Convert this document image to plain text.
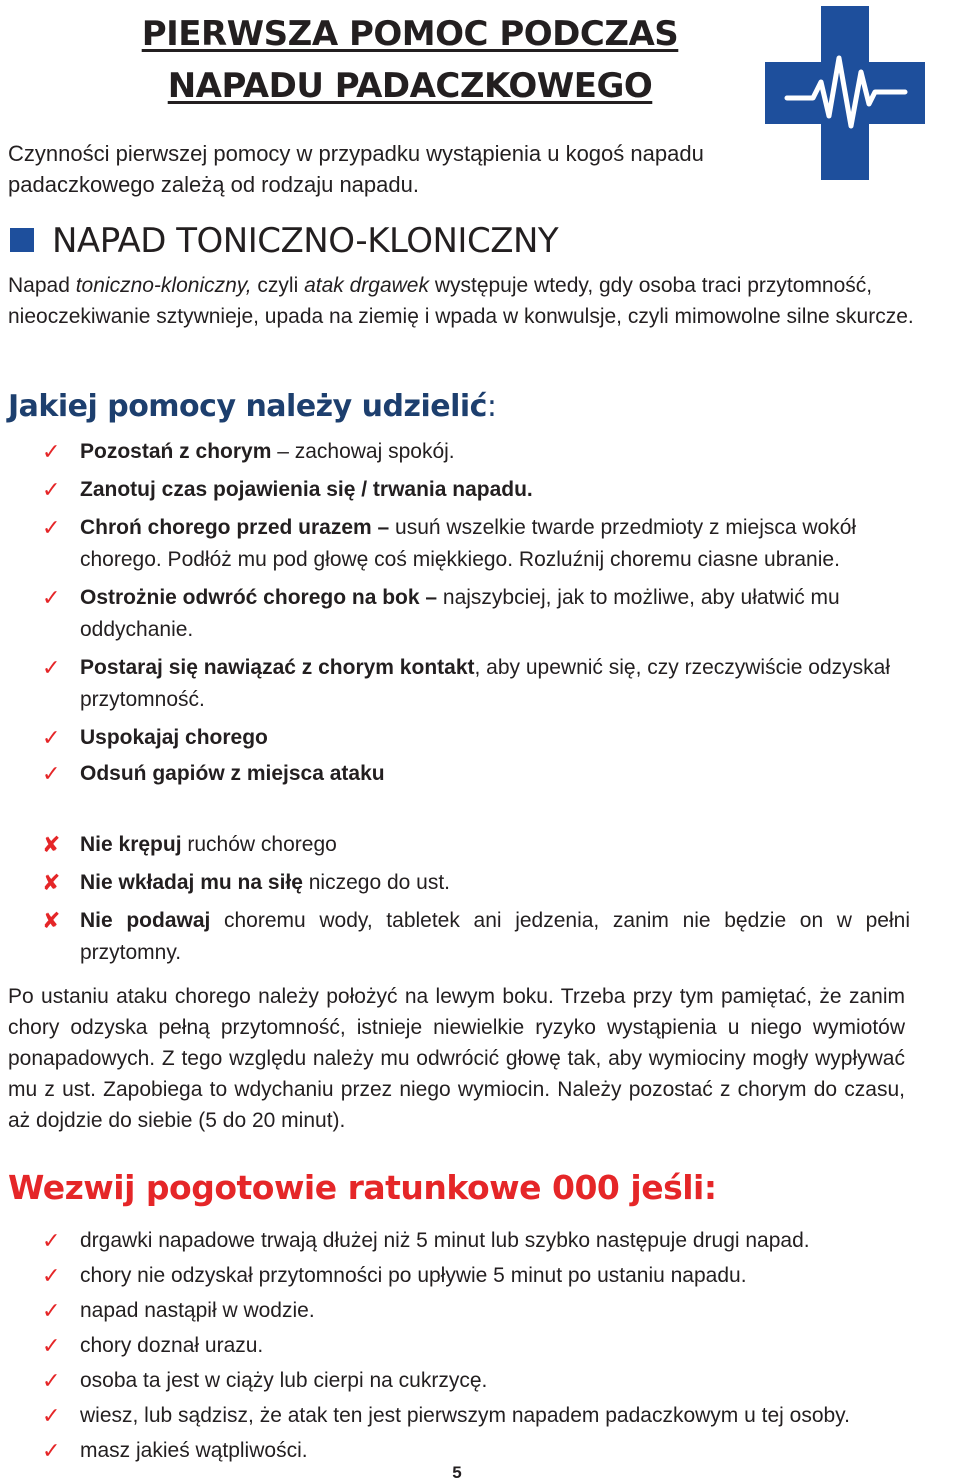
PIERWSZA POMOC PODCZAS
NAPADU PADACZKOWEGO
Czynności pierwszej pomocy w przypadku wystąpienia u kogoś napadu padaczkowego zależą od rodzaju napadu.
NAPAD TONICZNO-KLONICZNY
Napad toniczno-kloniczny, czyli atak drgawek występuje wtedy, gdy osoba traci przytomność, nieoczekiwanie sztywnieje, upada na ziemię i wpada w konwulsje, czyli mimowolne silne skurcze.
Jakiej pomocy należy udzielić:
✓ Pozostań z chorym – zachowaj spokój.
✓ Zanotuj czas pojawienia się / trwania napadu.
✓ Chroń chorego przed urazem – usuń wszelkie twarde przedmioty z miejsca wokół chorego. Podłóż mu pod głowę coś miękkiego. Rozluźnij choremu ciasne ubranie.
✓ Ostrożnie odwróć chorego na bok – najszybciej, jak to możliwe, aby ułatwić mu oddychanie.
✓ Postaraj się nawiązać z chorym kontakt, aby upewnić się, czy rzeczywiście odzyskał przytomność.
✓ Uspokajaj chorego
✓ Odsuń gapiów z miejsca ataku
✘ Nie krępuj ruchów chorego
✘ Nie wkładaj mu na siłę niczego do ust.
✘ Nie podawaj choremu wody, tabletek ani jedzenia, zanim nie będzie on w pełni przytomny.
Po ustaniu ataku chorego należy położyć na lewym boku. Trzeba przy tym pamiętać, że zanim chory odzyska pełną przytomność, istnieje niewielkie ryzyko wystąpienia u niego wymiotów ponapadowych. Z tego względu należy mu odwrócić głowę tak, aby wymiociny mogły wypływać mu z ust. Zapobiega to wdychaniu przez niego wymiocin. Należy pozostać z chorym do czasu, aż dojdzie do siebie (5 do 20 minut).
Wezwij pogotowie ratunkowe 000 jeśli:
✓ drgawki napadowe trwają dłużej niż 5 minut lub szybko następuje drugi napad.
✓ chory nie odzyskał przytomności po upływie 5 minut po ustaniu napadu.
✓ napad nastąpił w wodzie.
✓ chory doznał urazu.
✓ osoba ta jest w ciąży lub cierpi na cukrzycę.
✓ wiesz, lub sądzisz, że atak ten jest pierwszym napadem padaczkowym u tej osoby.
✓ masz jakieś wątpliwości.
5
